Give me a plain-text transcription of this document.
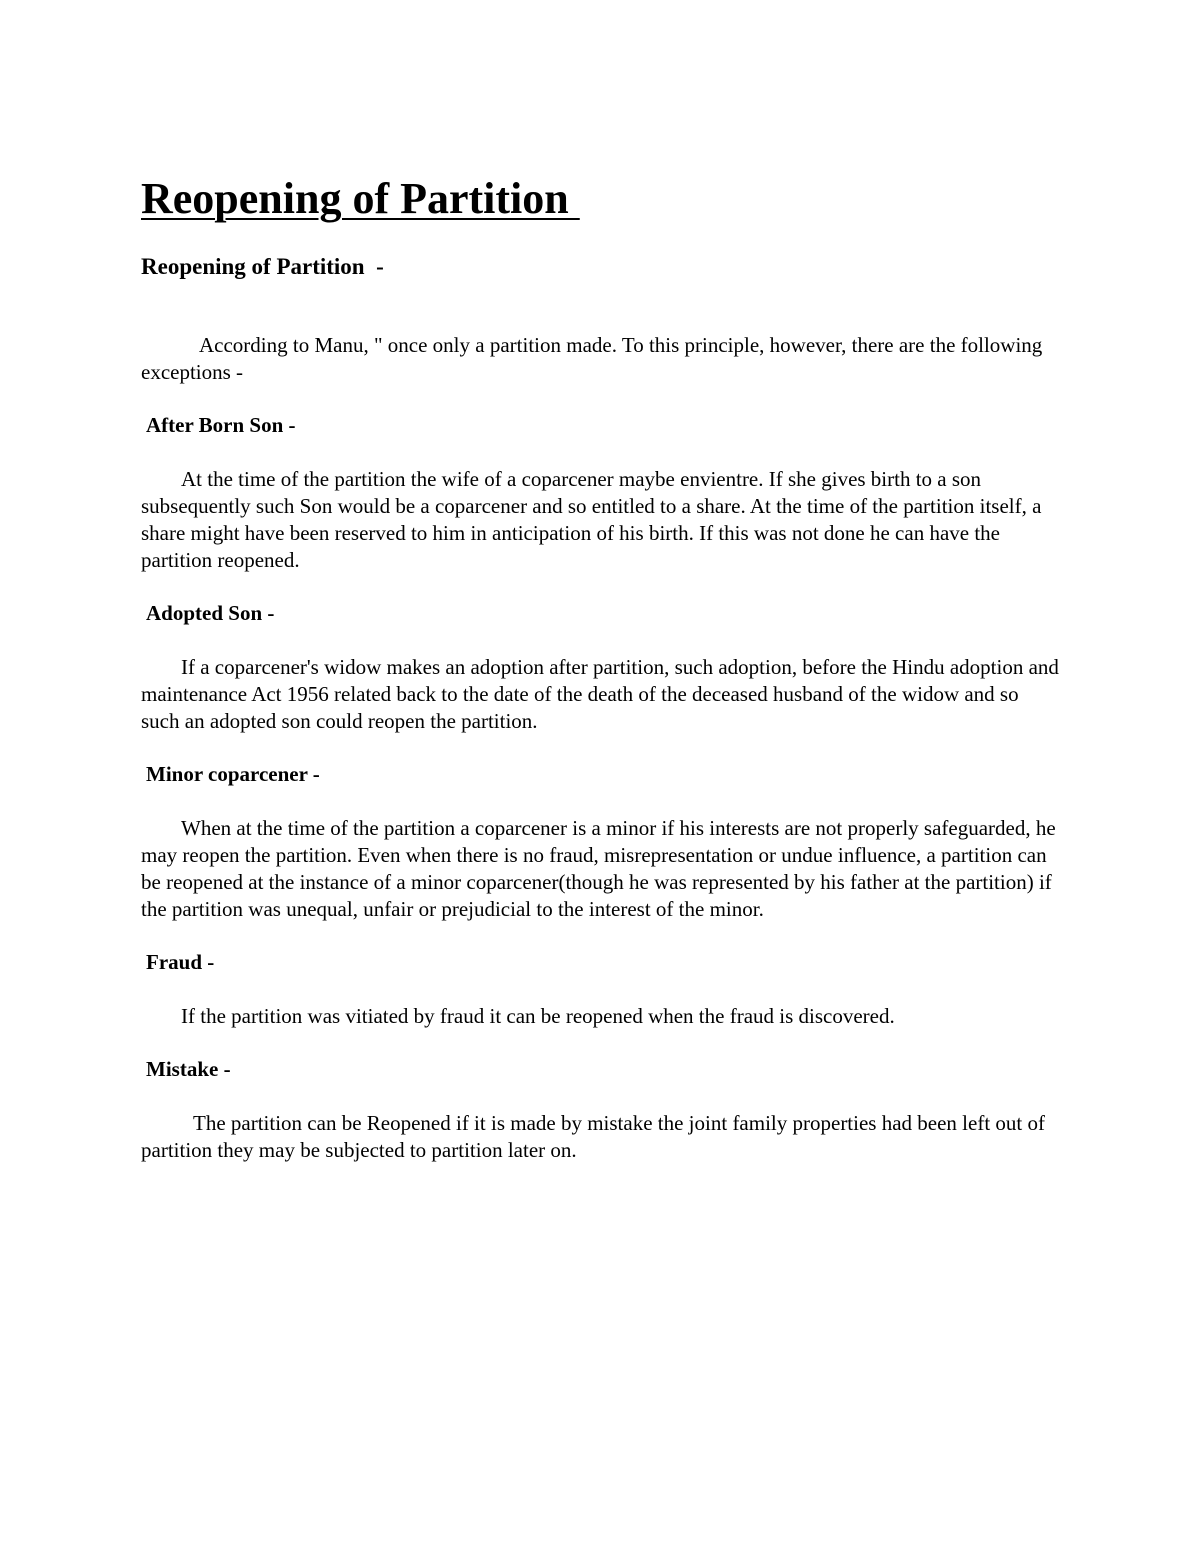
Reopening of Partition
Reopening of Partition  -

According to Manu, " once only a partition made. To this principle, however, there are the following exceptions -

After Born Son -

At the time of the partition the wife of a coparcener maybe envientre. If she gives birth to a son subsequently such Son would be a coparcener and so entitled to a share. At the time of the partition itself, a share might have been reserved to him in anticipation of his birth. If this was not done he can have the partition reopened.

Adopted Son -

If a coparcener's widow makes an adoption after partition, such adoption, before the Hindu adoption and maintenance Act 1956 related back to the date of the death of the deceased husband of the widow and so such an adopted son could reopen the partition.

Minor coparcener -

When at the time of the partition a coparcener is a minor if his interests are not properly safeguarded, he may reopen the partition. Even when there is no fraud, misrepresentation or undue influence, a partition can be reopened at the instance of a minor coparcener(though he was represented by his father at the partition) if the partition was unequal, unfair or prejudicial to the interest of the minor.

Fraud -

If the partition was vitiated by fraud it can be reopened when the fraud is discovered.

Mistake -

The partition can be Reopened if it is made by mistake the joint family properties had been left out of partition they may be subjected to partition later on.
